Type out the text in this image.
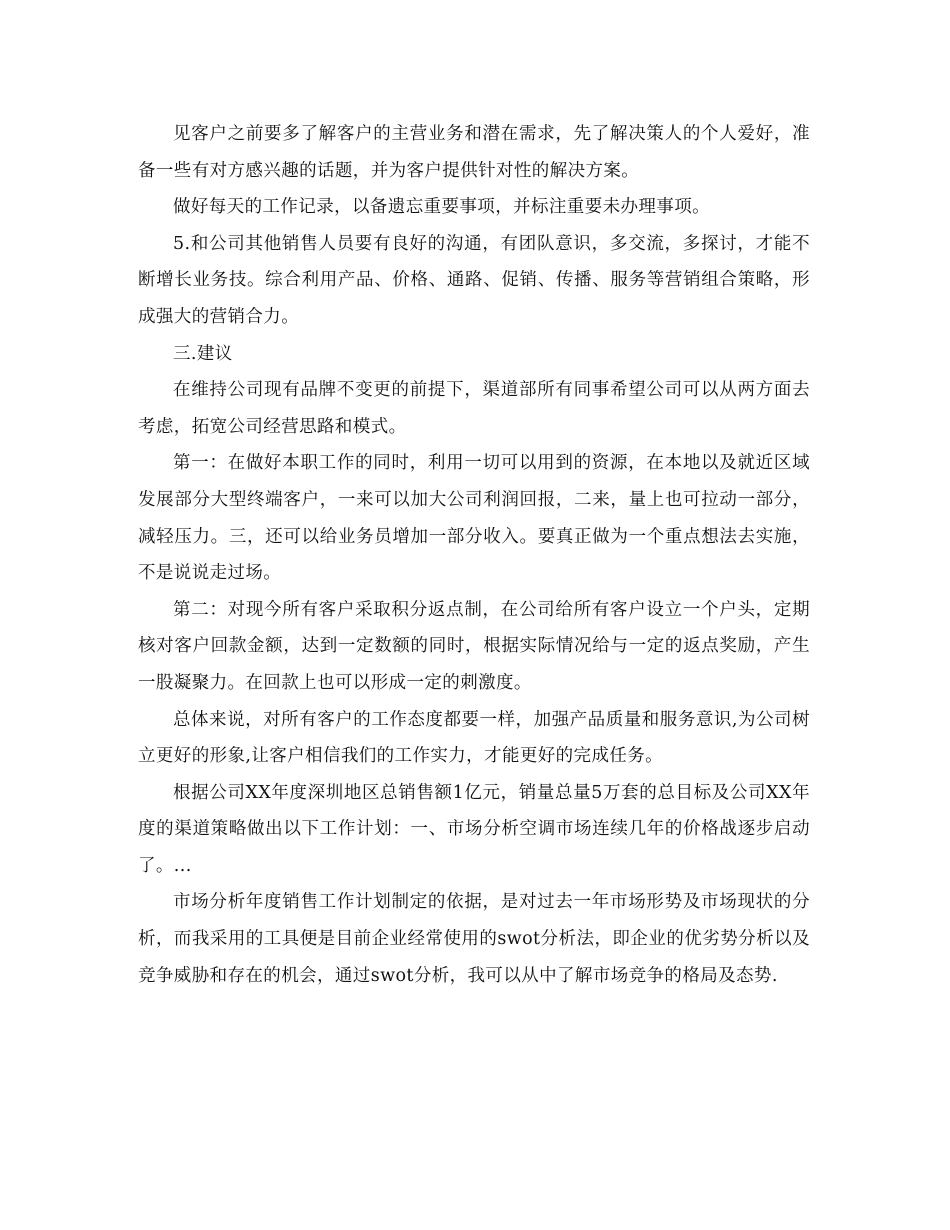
见客户之前要多了解客户的主营业务和潜在需求，先了解决策人的个人爱好，准备一些有对方感兴趣的话题，并为客户提供针对性的解决方案。

做好每天的工作记录，以备遗忘重要事项，并标注重要未办理事项。

5.和公司其他销售人员要有良好的沟通，有团队意识，多交流，多探讨，才能不断增长业务技。综合利用产品、价格、通路、促销、传播、服务等营销组合策略，形成强大的营销合力。

三.建议

在维持公司现有品牌不变更的前提下，渠道部所有同事希望公司可以从两方面去考虑，拓宽公司经营思路和模式。

第一：在做好本职工作的同时，利用一切可以用到的资源，在本地以及就近区域发展部分大型终端客户，一来可以加大公司利润回报，二来，量上也可拉动一部分，减轻压力。三，还可以给业务员增加一部分收入。要真正做为一个重点想法去实施，不是说说走过场。

第二：对现今所有客户采取积分返点制，在公司给所有客户设立一个户头，定期核对客户回款金额，达到一定数额的同时，根据实际情况给与一定的返点奖励，产生一股凝聚力。在回款上也可以形成一定的刺激度。

总体来说，对所有客户的工作态度都要一样，加强产品质量和服务意识,为公司树立更好的形象,让客户相信我们的工作实力，才能更好的完成任务。

根据公司XX年度深圳地区总销售额1亿元，销量总量5万套的总目标及公司XX年度的渠道策略做出以下工作计划：一、市场分析空调市场连续几年的价格战逐步启动了。...

市场分析年度销售工作计划制定的依据，是对过去一年市场形势及市场现状的分析，而我采用的工具便是目前企业经常使用的swot分析法，即企业的优劣势分析以及竞争威胁和存在的机会，通过swot分析，我可以从中了解市场竞争的格局及态势.
